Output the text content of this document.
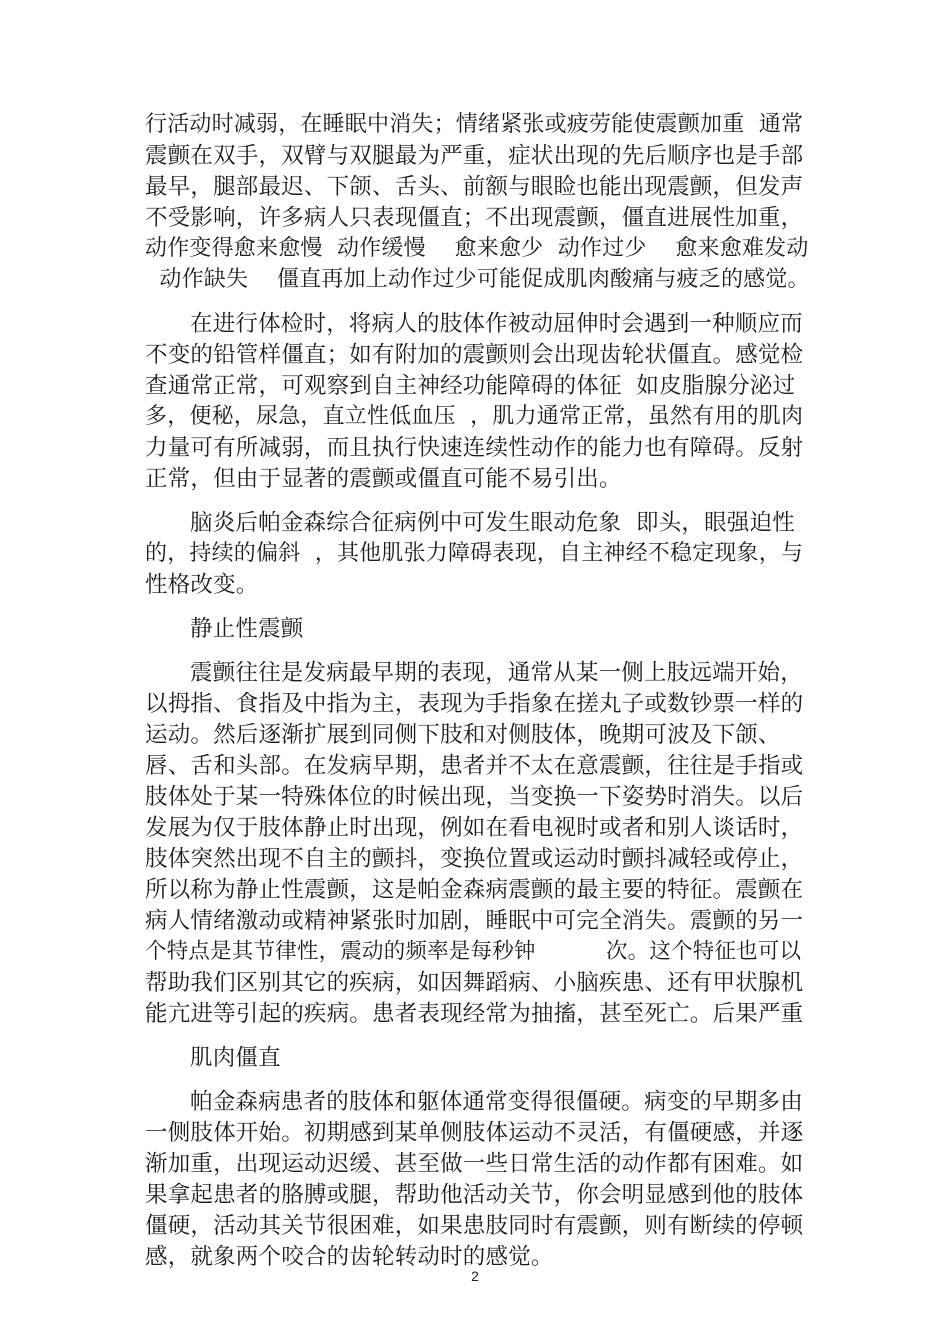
行活动时减弱，在睡眠中消失；情绪紧张或疲劳能使震颤加重  通常
震颤在双手，双臂与双腿最为严重，症状出现的先后顺序也是手部
最早，腿部最迟、下颌、舌头、前额与眼睑也能出现震颤，但发声
不受影响，许多病人只表现僵直；不出现震颤，僵直进展性加重，
动作变得愈来愈慢  动作缓慢    愈来愈少  动作过少    愈来愈难发动
动作缺失    僵直再加上动作过少可能促成肌肉酸痛与疲乏的感觉。
在进行体检时，将病人的肢体作被动屈伸时会遇到一种顺应而
不变的铅管样僵直；如有附加的震颤则会出现齿轮状僵直。感觉检
查通常正常，可观察到自主神经功能障碍的体征  如皮脂腺分泌过
多，便秘，尿急，直立性低血压  ，肌力通常正常，虽然有用的肌肉
力量可有所减弱，而且执行快速连续性动作的能力也有障碍。反射
正常，但由于显著的震颤或僵直可能不易引出。
脑炎后帕金森综合征病例中可发生眼动危象  即头，眼强迫性
的，持续的偏斜  ，其他肌张力障碍表现，自主神经不稳定现象，与
性格改变。
静止性震颤
震颤往往是发病最早期的表现，通常从某一侧上肢远端开始，
以拇指、食指及中指为主，表现为手指象在搓丸子或数钞票一样的
运动。然后逐渐扩展到同侧下肢和对侧肢体，晚期可波及下颌、
唇、舌和头部。在发病早期，患者并不太在意震颤，往往是手指或
肢体处于某一特殊体位的时候出现，当变换一下姿势时消失。以后
发展为仅于肢体静止时出现，例如在看电视时或者和别人谈话时，
肢体突然出现不自主的颤抖，变换位置或运动时颤抖减轻或停止，
所以称为静止性震颤，这是帕金森病震颤的最主要的特征。震颤在
病人情绪激动或精神紧张时加剧，睡眠中可完全消失。震颤的另一
个特点是其节律性，震动的频率是每秒钟          次。这个特征也可以
帮助我们区别其它的疾病，如因舞蹈病、小脑疾患、还有甲状腺机
能亢进等引起的疾病。患者表现经常为抽搐，甚至死亡。后果严重
肌肉僵直
帕金森病患者的肢体和躯体通常变得很僵硬。病变的早期多由
一侧肢体开始。初期感到某单侧肢体运动不灵活，有僵硬感，并逐
渐加重，出现运动迟缓、甚至做一些日常生活的动作都有困难。如
果拿起患者的胳膊或腿，帮助他活动关节，你会明显感到他的肢体
僵硬，活动其关节很困难，如果患肢同时有震颤，则有断续的停顿
感，就象两个咬合的齿轮转动时的感觉。
2
